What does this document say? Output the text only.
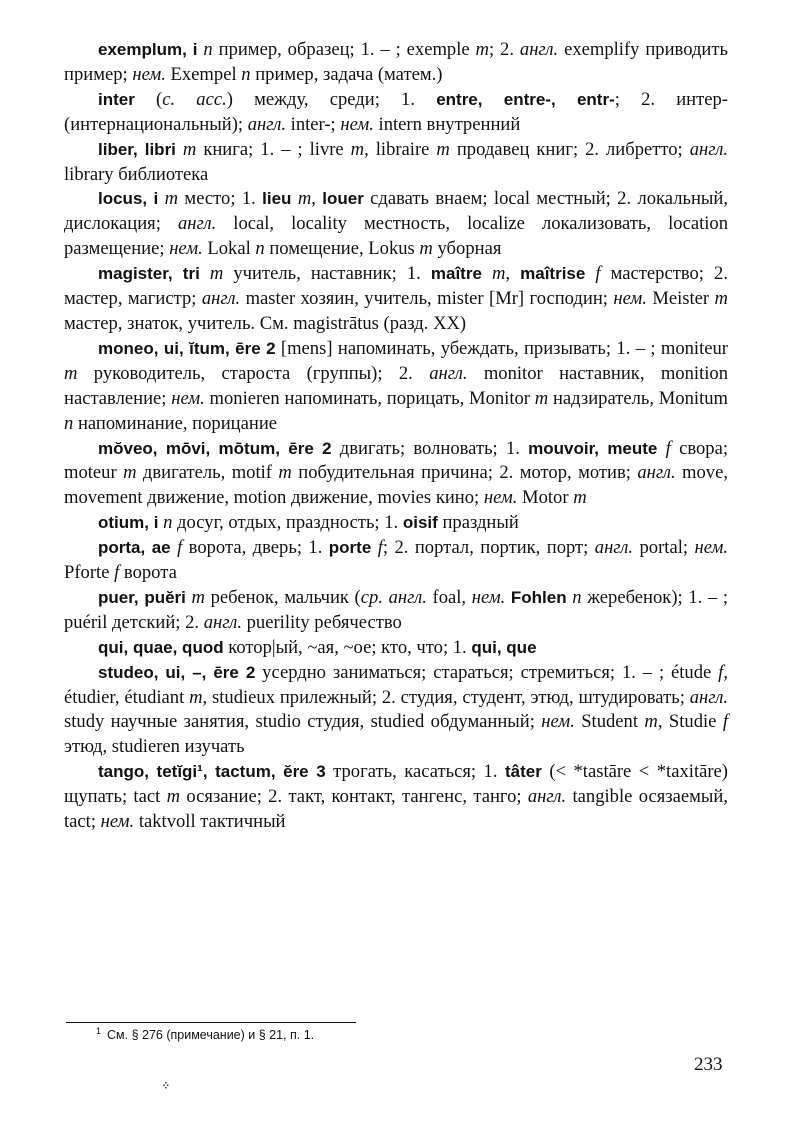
exemplum, i n пример, образец; 1. – ; exemple m; 2. англ. exemplify приводить пример; нем. Exempel n пример, задача (матем.)

inter (c. acc.) между, среди; 1. entre, entre-, entr-; 2. интер- (интернациональный); англ. inter-; нем. intern внутренний

liber, libri m книга; 1. – ; livre m, libraire m продавец книг; 2. либретто; англ. library библиотека

locus, i m место; 1. lieu m, louer сдавать внаем; local местный; 2. локальный, дислокация; англ. local, locality местность, localize локализовать, location размещение; нем. Lokal n помещение, Lokus m уборная

magister, tri m учитель, наставник; 1. maître m, maîtrise f мастерство; 2. мастер, магистр; англ. master хозяин, учитель, mister [Mr] господин; нем. Meister m мастер, знаток, учитель. См. magistrātus (разд. XX)

moneo, ui, ĭtum, ēre 2 [mens] напоминать, убеждать, призывать; 1. – ; moniteur m руководитель, староста (группы); 2. англ. monitor наставник, monition наставление; нем. monieren напоминать, порицать, Monitor m надзиратель, Monitum n напоминание, порицание

mŏveo, mōvi, mōtum, ēre 2 двигать; волновать; 1. mouvoir, meute f свора; moteur m двигатель, motif m побудительная причина; 2. мотор, мотив; англ. move, movement движение, motion движение, movies кино; нем. Motor m

otium, i n досуг, отдых, праздность; 1. oisif праздный

porta, ae f ворота, дверь; 1. porte f; 2. портал, портик, порт; англ. portal; нем. Pforte f ворота

puer, puĕri m ребенок, мальчик (ср. англ. foal, нем. Fohlen n жеребенок); 1. – ; puéril детский; 2. англ. puerility ребячество

qui, quae, quod котор|ый, ~ая, ~ое; кто, что; 1. qui, que

studeo, ui, –, ēre 2 усердно заниматься; стараться; стремиться; 1. – ; étude f, étudier, étudiant m, studieux прилежный; 2. студия, студент, этюд, штудировать; англ. study научные занятия, studio студия, studied обдуманный; нем. Student m, Studie f этюд, studieren изучать

tango, tetĭgi¹, tactum, ĕre 3 трогать, касаться; 1. tâter (< *tastāre < *taxitāre) щупать; tact m осязание; 2. такт, контакт, тангенс, танго; англ. tangible осязаемый, tact; нем. taktvoll тактичный

$^1$ См. § 276 (примечание) и § 21, п. 1.
233
᠅
